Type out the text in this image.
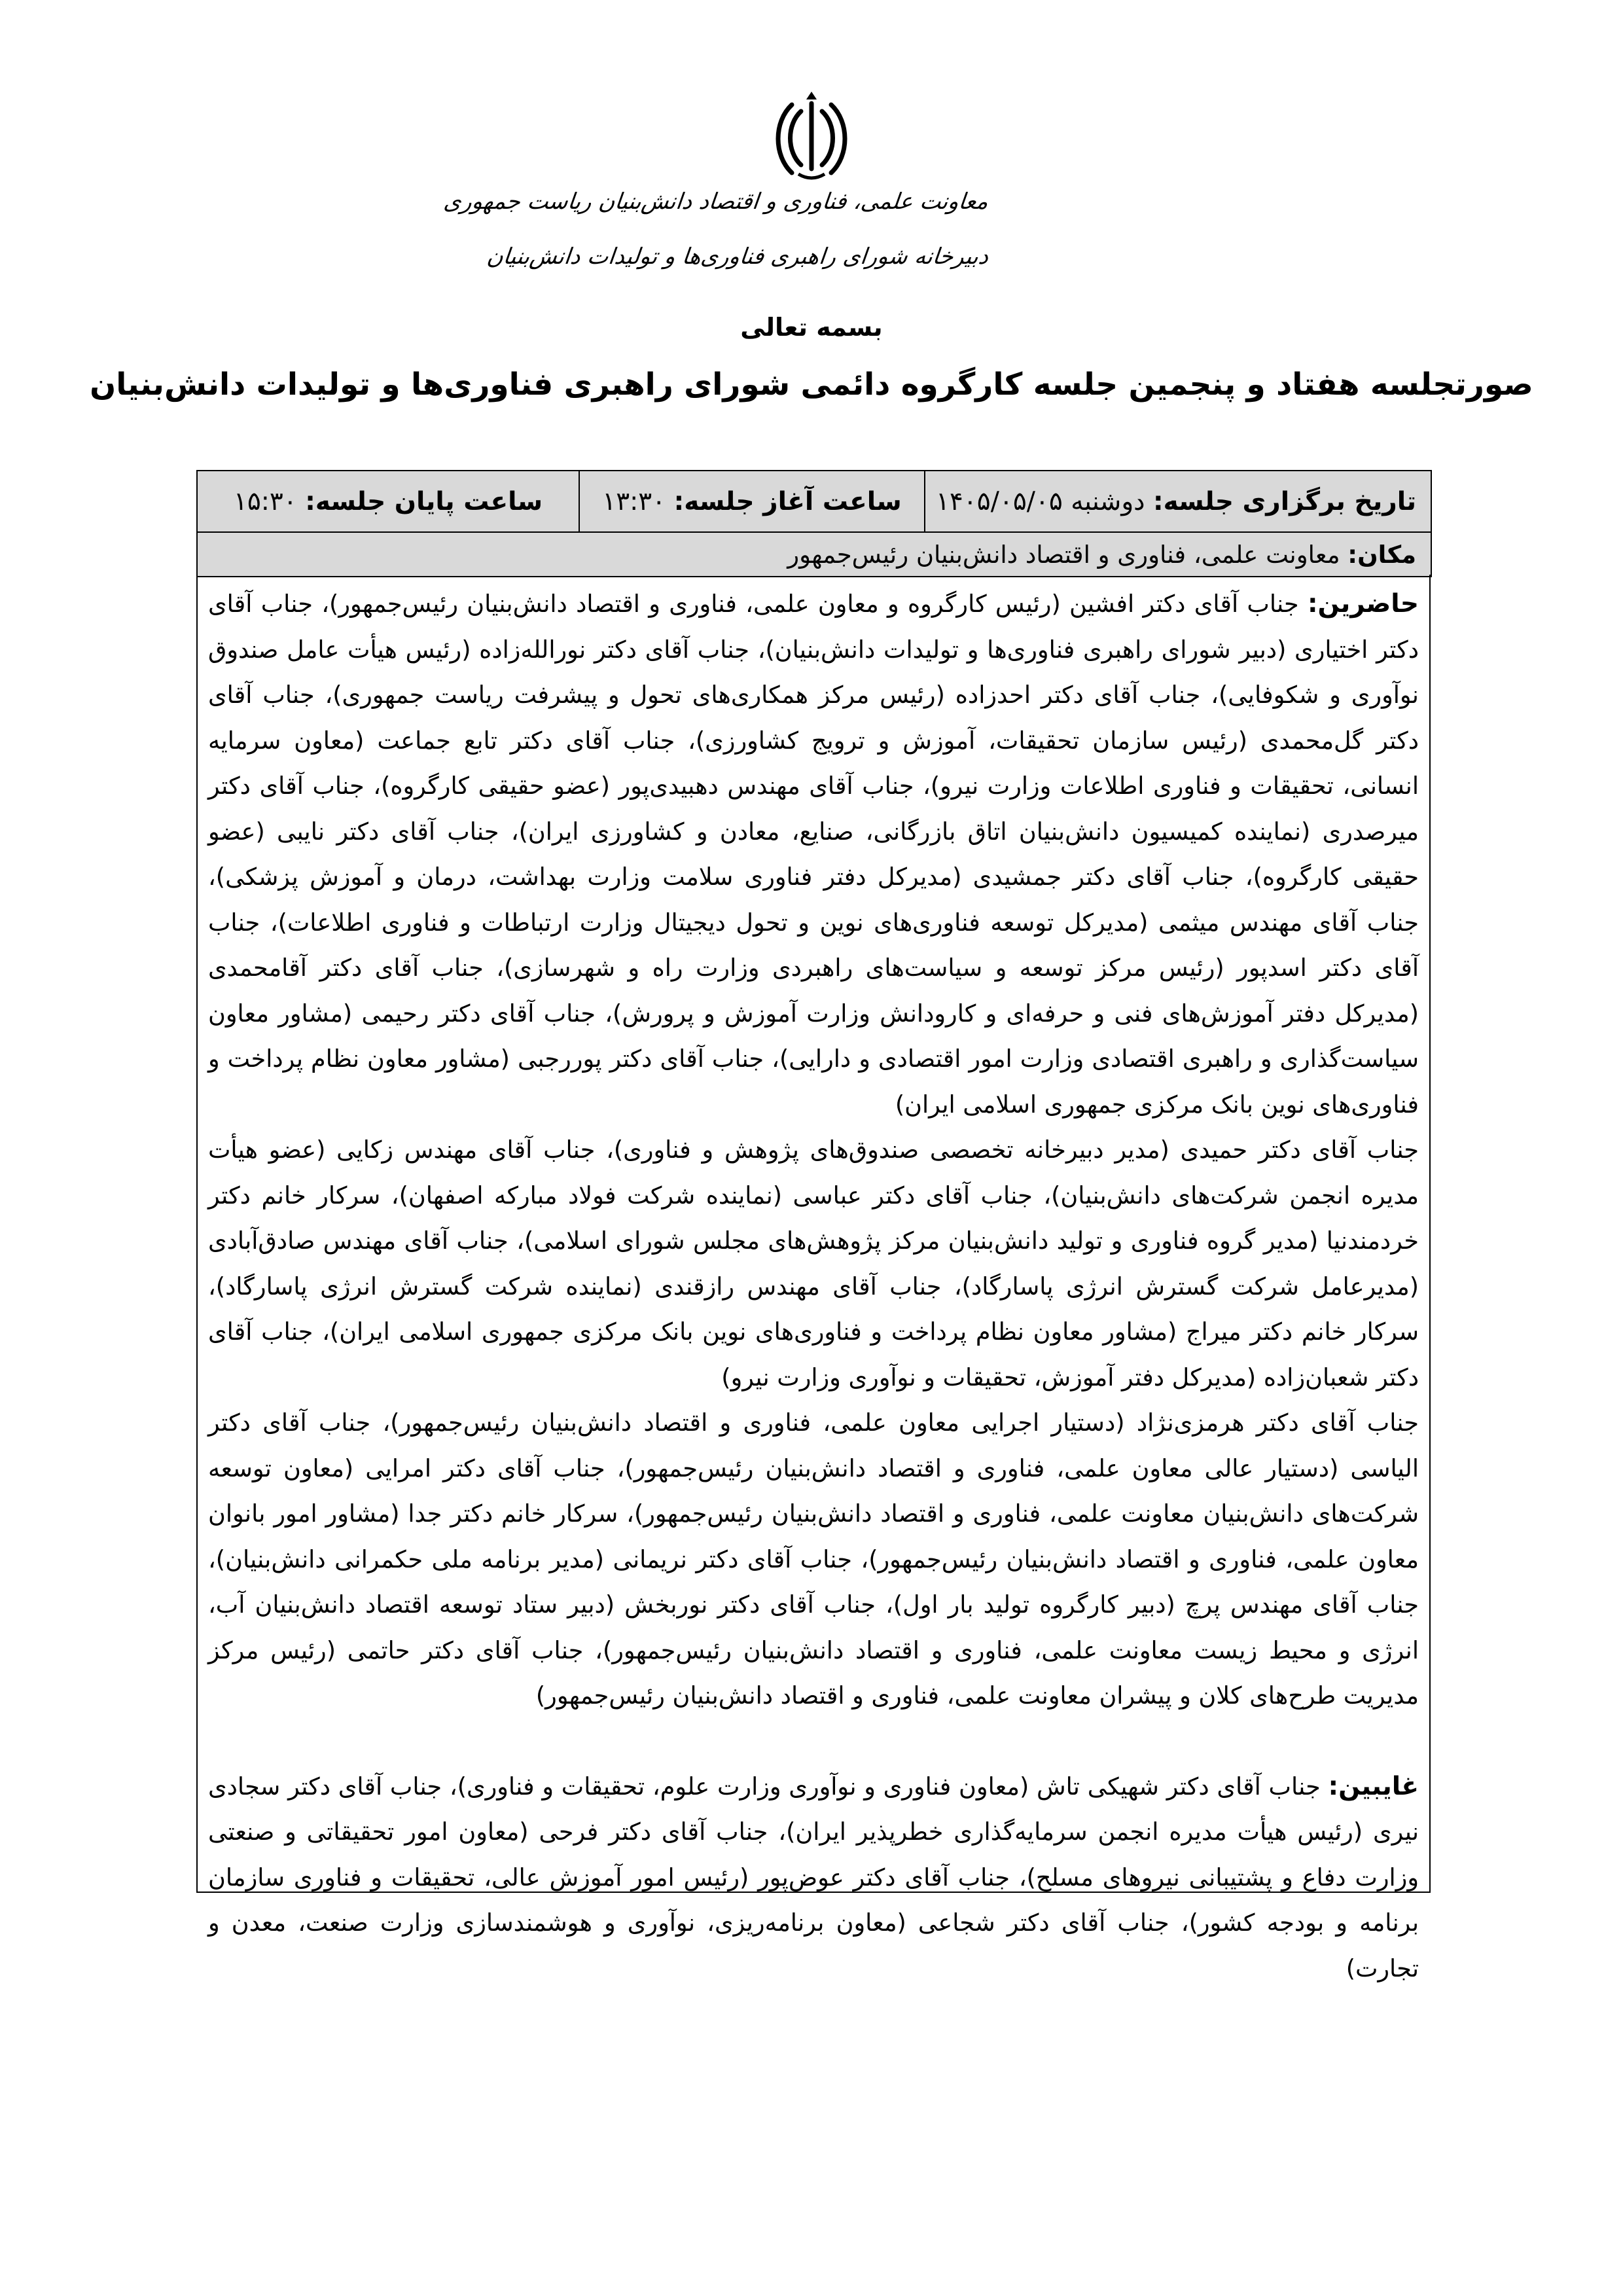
معاونت علمی، فناوری و اقتصاد دانش‌بنیان ریاست جمهوری
دبیرخانه شورای راهبری فناوری‌ها و تولیدات دانش‌بنیان
بسمه تعالی
صورتجلسه هفتاد و پنجمین جلسه کارگروه دائمی شورای راهبری فناوری‌ها و تولیدات دانش‌بنیان
تاریخ برگزاری جلسه: دوشنبه ۱۴۰۵/۰۵/۰۵	ساعت آغاز جلسه: ۱۳:۳۰	ساعت پایان جلسه: ۱۵:۳۰
مکان: معاونت علمی، فناوری و اقتصاد دانش‌بنیان رئیس‌جمهور

حاضرین: جناب آقای دکتر افشین (رئیس کارگروه و معاون علمی، فناوری و اقتصاد دانش‌بنیان رئیس‌جمهور)، جناب آقای دکتر اختیاری (دبیر شورای راهبری فناوری‌ها و تولیدات دانش‌بنیان)، جناب آقای دکتر نورالله‌زاده (رئیس هیأت عامل صندوق نوآوری و شکوفایی)، جناب آقای دکتر احدزاده (رئیس مرکز همکاری‌های تحول و پیشرفت ریاست جمهوری)، جناب آقای دکتر گل‌محمدی (رئیس سازمان تحقیقات، آموزش و ترویج کشاورزی)، جناب آقای دکتر تابع جماعت (معاون سرمایه انسانی، تحقیقات و فناوری اطلاعات وزارت نیرو)، جناب آقای مهندس دهبیدی‌پور (عضو حقیقی کارگروه)، جناب آقای دکتر میرصدری (نماینده کمیسیون دانش‌بنیان اتاق بازرگانی، صنایع، معادن و کشاورزی ایران)، جناب آقای دکتر نایبی (عضو حقیقی کارگروه)، جناب آقای دکتر جمشیدی (مدیرکل دفتر فناوری سلامت وزارت بهداشت، درمان و آموزش پزشکی)، جناب آقای مهندس میثمی (مدیرکل توسعه فناوری‌های نوین و تحول دیجیتال وزارت ارتباطات و فناوری اطلاعات)، جناب آقای دکتر اسدپور (رئیس مرکز توسعه و سیاست‌های راهبردی وزارت راه و شهرسازی)، جناب آقای دکتر آقامحمدی (مدیرکل دفتر آموزش‌های فنی و حرفه‌ای و کارودانش وزارت آموزش و پرورش)، جناب آقای دکتر رحیمی (مشاور معاون سیاست‌گذاری و راهبری اقتصادی وزارت امور اقتصادی و دارایی)، جناب آقای دکتر پوررجبی (مشاور معاون نظام پرداخت و فناوری‌های نوین بانک مرکزی جمهوری اسلامی ایران)

جناب آقای دکتر حمیدی (مدیر دبیرخانه تخصصی صندوق‌های پژوهش و فناوری)، جناب آقای مهندس زکایی (عضو هیأت مدیره انجمن شرکت‌های دانش‌بنیان)، جناب آقای دکتر عباسی (نماینده شرکت فولاد مبارکه اصفهان)، سرکار خانم دکتر خردمندنیا (مدیر گروه فناوری و تولید دانش‌بنیان مرکز پژوهش‌های مجلس شورای اسلامی)، جناب آقای مهندس صادق‌آبادی (مدیرعامل شرکت گسترش انرژی پاسارگاد)، جناب آقای مهندس رازقندی (نماینده شرکت گسترش انرژی پاسارگاد)، سرکار خانم دکتر میراج (مشاور معاون نظام پرداخت و فناوری‌های نوین بانک مرکزی جمهوری اسلامی ایران)، جناب آقای دکتر شعبان‌زاده (مدیرکل دفتر آموزش، تحقیقات و نوآوری وزارت نیرو)

جناب آقای دکتر هرمزی‌نژاد (دستیار اجرایی معاون علمی، فناوری و اقتصاد دانش‌بنیان رئیس‌جمهور)، جناب آقای دکتر الیاسی (دستیار عالی معاون علمی، فناوری و اقتصاد دانش‌بنیان رئیس‌جمهور)، جناب آقای دکتر امرایی (معاون توسعه شرکت‌های دانش‌بنیان معاونت علمی، فناوری و اقتصاد دانش‌بنیان رئیس‌جمهور)، سرکار خانم دکتر جدا (مشاور امور بانوان معاون علمی، فناوری و اقتصاد دانش‌بنیان رئیس‌جمهور)، جناب آقای دکتر نریمانی (مدیر برنامه ملی حکمرانی دانش‌بنیان)، جناب آقای مهندس پرچ (دبیر کارگروه تولید بار اول)، جناب آقای دکتر نوربخش (دبیر ستاد توسعه اقتصاد دانش‌بنیان آب، انرژی و محیط زیست معاونت علمی، فناوری و اقتصاد دانش‌بنیان رئیس‌جمهور)، جناب آقای دکتر حاتمی (رئیس مرکز مدیریت طرح‌های کلان و پیشران معاونت علمی، فناوری و اقتصاد دانش‌بنیان رئیس‌جمهور)

غایبین: جناب آقای دکتر شهیکی تاش (معاون فناوری و نوآوری وزارت علوم، تحقیقات و فناوری)، جناب آقای دکتر سجادی نیری (رئیس هیأت مدیره انجمن سرمایه‌گذاری خطرپذیر ایران)، جناب آقای دکتر فرحی (معاون امور تحقیقاتی و صنعتی وزارت دفاع و پشتیبانی نیروهای مسلح)، جناب آقای دکتر عوض‌پور (رئیس امور آموزش عالی، تحقیقات و فناوری سازمان برنامه و بودجه کشور)، جناب آقای دکتر شجاعی (معاون برنامه‌ریزی، نوآوری و هوشمندسازی وزارت صنعت، معدن و تجارت)
